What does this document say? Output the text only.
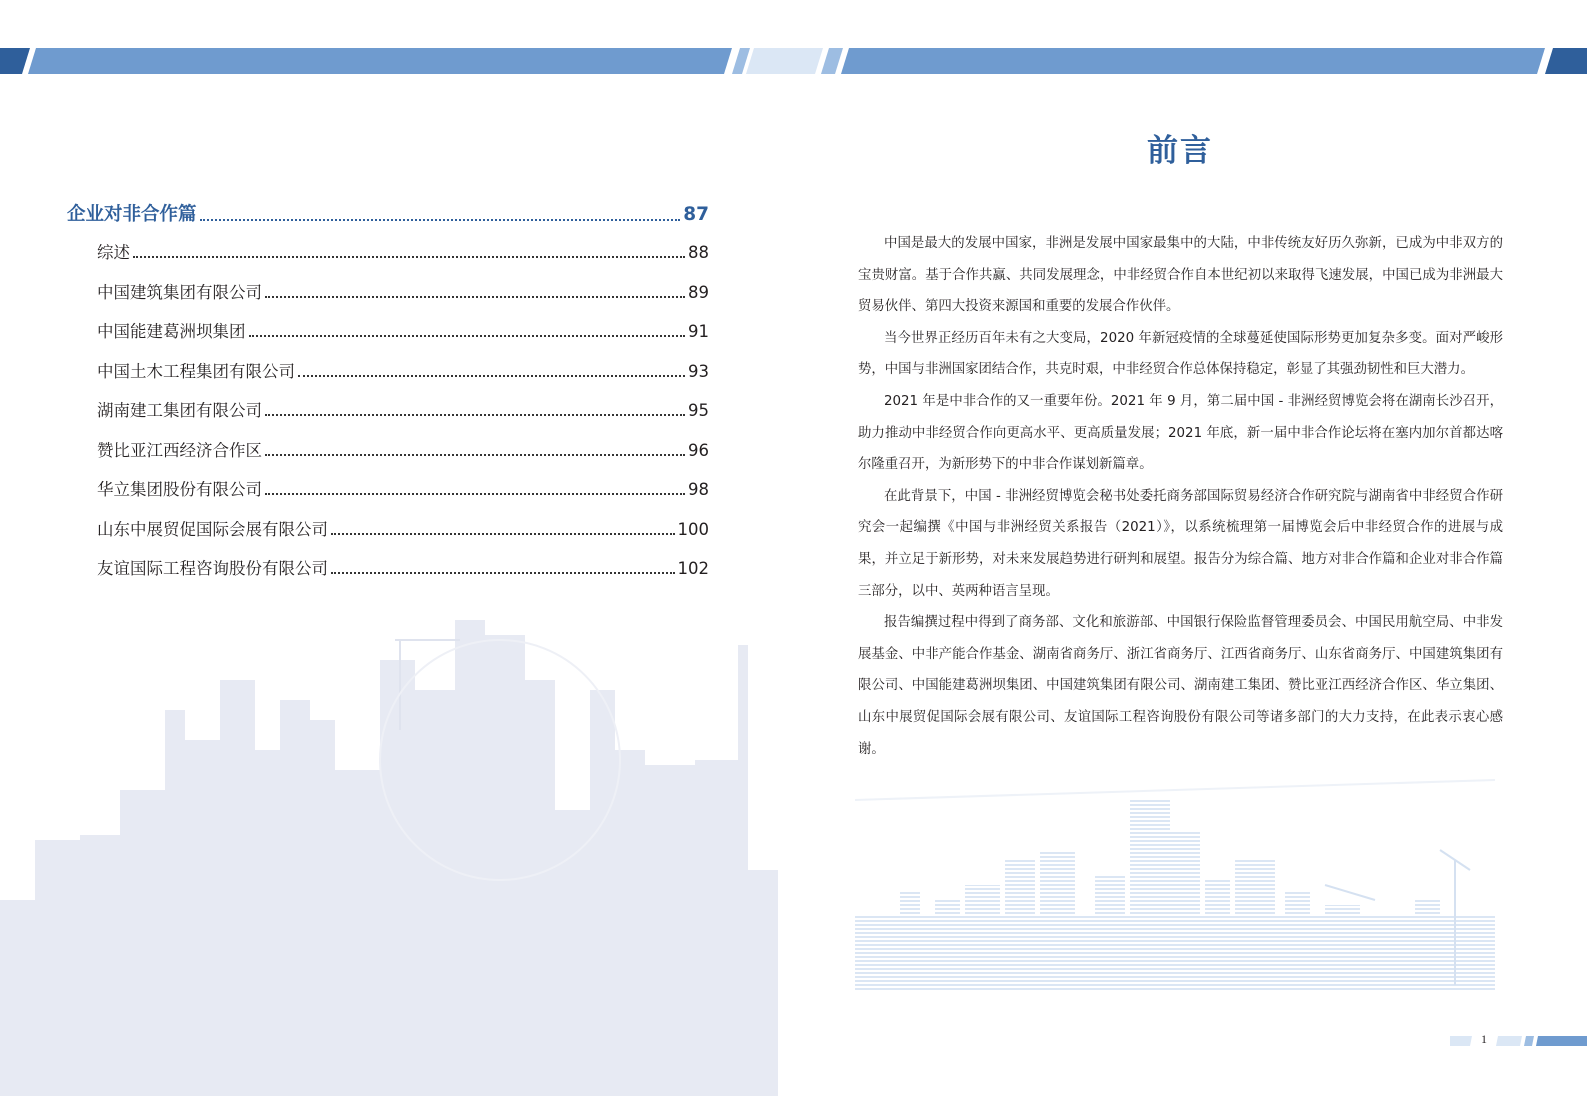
企业对非合作篇	87
综述	88
中国建筑集团有限公司	89
中国能建葛洲坝集团	91
中国土木工程集团有限公司	93
湖南建工集团有限公司	95
赞比亚江西经济合作区	96
华立集团股份有限公司	98
山东中展贸促国际会展有限公司	100
友谊国际工程咨询股份有限公司	102
前言

中国是最大的发展中国家，非洲是发展中国家最集中的大陆，中非传统友好历久弥新，已成为中非双方的宝贵财富。基于合作共赢、共同发展理念，中非经贸合作自本世纪初以来取得飞速发展，中国已成为非洲最大贸易伙伴、第四大投资来源国和重要的发展合作伙伴。

当今世界正经历百年未有之大变局，2020 年新冠疫情的全球蔓延使国际形势更加复杂多变。面对严峻形势，中国与非洲国家团结合作，共克时艰，中非经贸合作总体保持稳定，彰显了其强劲韧性和巨大潜力。

2021 年是中非合作的又一重要年份。2021 年 9 月，第二届中国 - 非洲经贸博览会将在湖南长沙召开，助力推动中非经贸合作向更高水平、更高质量发展；2021 年底，新一届中非合作论坛将在塞内加尔首都达喀尔隆重召开，为新形势下的中非合作谋划新篇章。

在此背景下，中国 - 非洲经贸博览会秘书处委托商务部国际贸易经济合作研究院与湖南省中非经贸合作研究会一起编撰《中国与非洲经贸关系报告（2021）》，以系统梳理第一届博览会后中非经贸合作的进展与成果，并立足于新形势，对未来发展趋势进行研判和展望。报告分为综合篇、地方对非合作篇和企业对非合作篇三部分，以中、英两种语言呈现。

报告编撰过程中得到了商务部、文化和旅游部、中国银行保险监督管理委员会、中国民用航空局、中非发展基金、中非产能合作基金、湖南省商务厅、浙江省商务厅、江西省商务厅、山东省商务厅、中国建筑集团有限公司、中国能建葛洲坝集团、中国建筑集团有限公司、湖南建工集团、赞比亚江西经济合作区、华立集团、山东中展贸促国际会展有限公司、友谊国际工程咨询股份有限公司等诸多部门的大力支持，在此表示衷心感谢。

1
